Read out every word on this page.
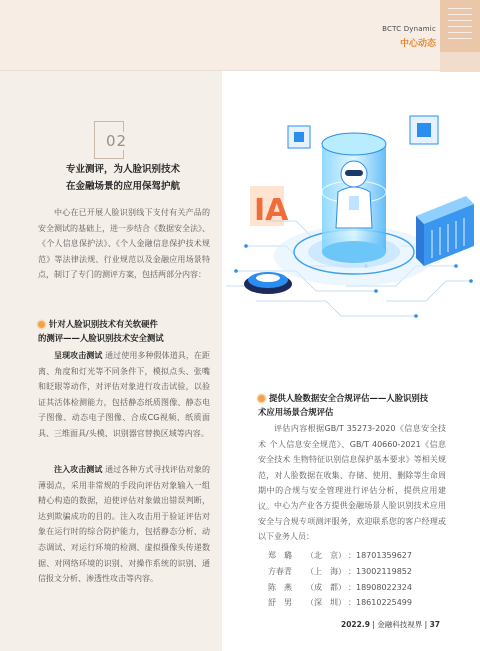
BCTC Dynamic
中心动态
02
专业测评，为人脸识别技术
在金融场景的应用保驾护航
中心在已开展人脸识别线下支付有关产品的安全测试的基础上，进一步结合《数据安全法》、《个人信息保护法》、《个人金融信息保护技术规范》等法律法规、行业规范以及金融应用场景特点，制订了专门的测评方案，包括两部分内容：
针对人脸识别技术有关软硬件
的测评——人脸识别技术安全测试
呈现攻击测试 通过使用多种假体道具，在距离、角度和灯光等不同条件下，模拟点头、张嘴和眨眼等动作，对评估对象进行攻击试验，以验证其活体检测能力，包括静态纸质图像、静态电子图像、动态电子图像、合成CG视频、纸质面具、三维面具/头模、识别器官替换区域等内容。
注入攻击测试 通过各种方式寻找评估对象的薄弱点，采用非常规的手段向评估对象输入一组精心构造的数据，迫使评估对象做出错误判断，达到欺骗成功的目的。注入攻击用于验证评估对象在运行时的综合防护能力，包括静态分析、动态调试、对运行环境的检测、虚拟摄像头传递数据、对网络环境的识别、对操作系统的识别、通信报文分析、渗透性攻击等内容。
IA
提供人脸数据安全合规评估——人脸识别技
术应用场景合规评估
评估内容根据GB/T 35273-2020《信息安全技术 个人信息安全规范》、GB/T 40660-2021《信息安全技术 生物特征识别信息保护基本要求》等相关规范，对人脸数据在收集、存储、使用、删除等生命周期中的合规与安全管理进行评估分析，提供应用建议。 中心为产业各方提供金融场景人脸识别技术应用安全与合规专项测评服务，欢迎联系您的客户经理或以下业务人员：
郑　璐 （北　京） ：18701359627
方春青 （上　海） ：13002119852
陈　燕 （成　都） ：18908022324
舒　男 （深　圳） ：18610225499
2022.9 | 金融科技视界 | 37
